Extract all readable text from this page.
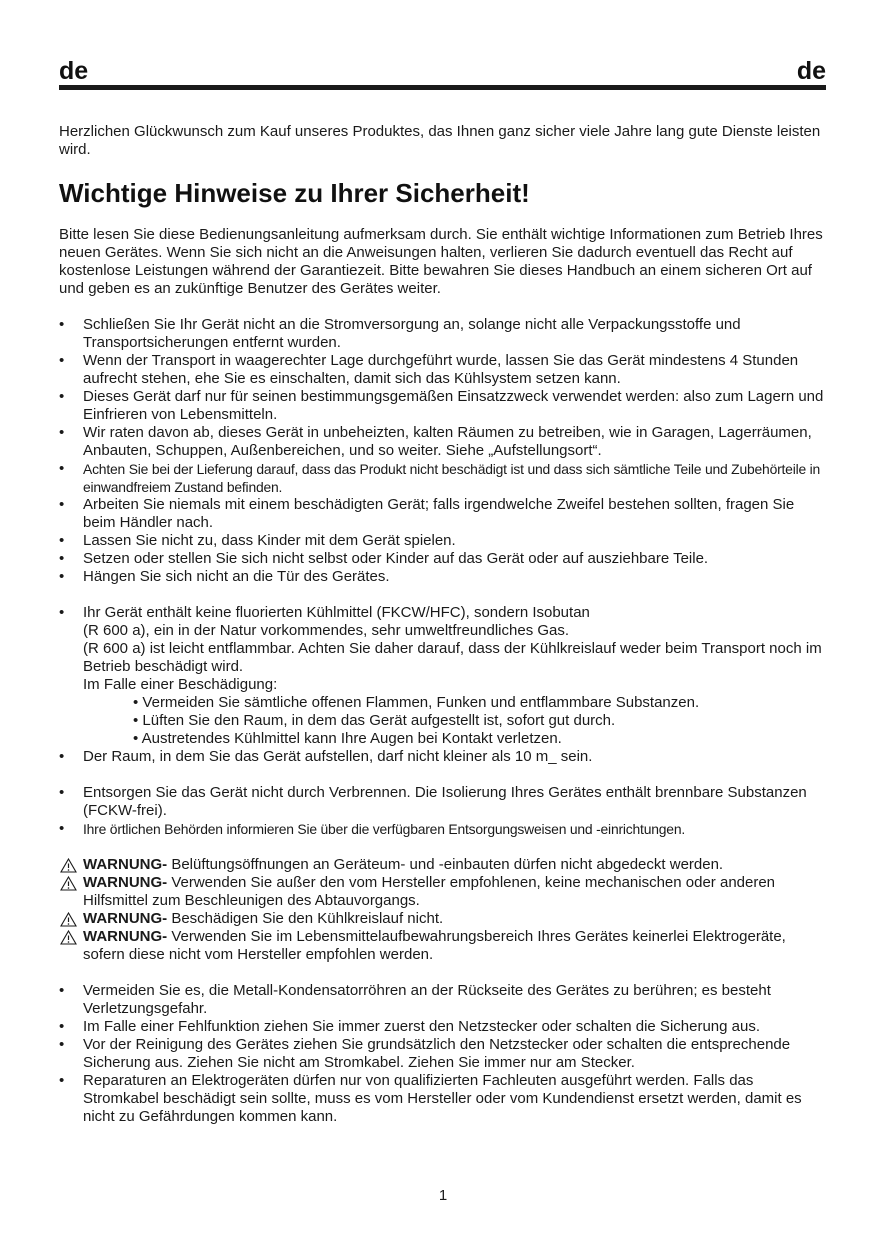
de	de

Herzlichen Glückwunsch zum Kauf unseres Produktes, das Ihnen ganz sicher viele Jahre lang gute Dienste leisten wird.

Wichtige Hinweise zu Ihrer Sicherheit!

Bitte lesen Sie diese Bedienungsanleitung aufmerksam durch. Sie enthält wichtige Informationen zum Betrieb Ihres neuen Gerätes. Wenn Sie sich nicht an die Anweisungen halten, verlieren Sie dadurch eventuell das Recht auf kostenlose Leistungen während der Garantiezeit. Bitte bewahren Sie dieses Handbuch an einem sicheren Ort auf und geben es an zukünftige Benutzer des Gerätes weiter.

• Schließen Sie Ihr Gerät nicht an die Stromversorgung an, solange nicht alle Verpackungsstoffe und Transportsicherungen entfernt wurden.
• Wenn der Transport in waagerechter Lage durchgeführt wurde, lassen Sie das Gerät mindestens 4 Stunden aufrecht stehen, ehe Sie es einschalten, damit sich das Kühlsystem setzen kann.
• Dieses Gerät darf nur für seinen bestimmungsgemäßen Einsatzzweck verwendet werden: also zum Lagern und Einfrieren von Lebensmitteln.
• Wir raten davon ab, dieses Gerät in unbeheizten, kalten Räumen zu betreiben, wie in Garagen, Lagerräumen, Anbauten, Schuppen, Außenbereichen, und so weiter. Siehe „Aufstellungsort“.
• Achten Sie bei der Lieferung darauf, dass das Produkt nicht beschädigt ist und dass sich sämtliche Teile und Zubehörteile in einwandfreiem Zustand befinden.
• Arbeiten Sie niemals mit einem beschädigten Gerät; falls irgendwelche Zweifel bestehen sollten, fragen Sie beim Händler nach.
• Lassen Sie nicht zu, dass Kinder mit dem Gerät spielen.
• Setzen oder stellen Sie sich nicht selbst oder Kinder auf das Gerät oder auf ausziehbare Teile.
• Hängen Sie sich nicht an die Tür des Gerätes.
• Ihr Gerät enthält keine fluorierten Kühlmittel (FKCW/HFC), sondern Isobutan
(R 600 a), ein in der Natur vorkommendes, sehr umweltfreundliches Gas.
(R 600 a) ist leicht entflammbar. Achten Sie daher darauf, dass der Kühlkreislauf weder beim Transport noch im Betrieb beschädigt wird.
Im Falle einer Beschädigung:
• Vermeiden Sie sämtliche offenen Flammen, Funken und entflammbare Substanzen.
• Lüften Sie den Raum, in dem das Gerät aufgestellt ist, sofort gut durch.
• Austretendes Kühlmittel kann Ihre Augen bei Kontakt verletzen.
• Der Raum, in dem Sie das Gerät aufstellen, darf nicht kleiner als 10 m_ sein.
• Entsorgen Sie das Gerät nicht durch Verbrennen. Die Isolierung Ihres Gerätes enthält brennbare Substanzen (FCKW-frei).
• Ihre örtlichen Behörden informieren Sie über die verfügbaren Entsorgungsweisen und -einrichtungen.
WARNUNG- Belüftungsöffnungen an Geräteum- und -einbauten dürfen nicht abgedeckt werden.
WARNUNG- Verwenden Sie außer den vom Hersteller empfohlenen, keine mechanischen oder anderen Hilfsmittel zum Beschleunigen des Abtauvorgangs.
WARNUNG- Beschädigen Sie den Kühlkreislauf nicht.
WARNUNG- Verwenden Sie im Lebensmittelaufbewahrungsbereich Ihres Gerätes keinerlei Elektrogeräte, sofern diese nicht vom Hersteller empfohlen werden.
• Vermeiden Sie es, die Metall-Kondensatorröhren an der Rückseite des Gerätes zu berühren; es besteht Verletzungsgefahr.
• Im Falle einer Fehlfunktion ziehen Sie immer zuerst den Netzstecker oder schalten die Sicherung aus.
• Vor der Reinigung des Gerätes ziehen Sie grundsätzlich den Netzstecker oder schalten die entsprechende Sicherung aus. Ziehen Sie nicht am Stromkabel. Ziehen Sie immer nur am Stecker.
• Reparaturen an Elektrogeräten dürfen nur von qualifizierten Fachleuten ausgeführt werden. Falls das Stromkabel beschädigt sein sollte, muss es vom Hersteller oder vom Kundendienst ersetzt werden, damit es nicht zu Gefährdungen kommen kann.
1
